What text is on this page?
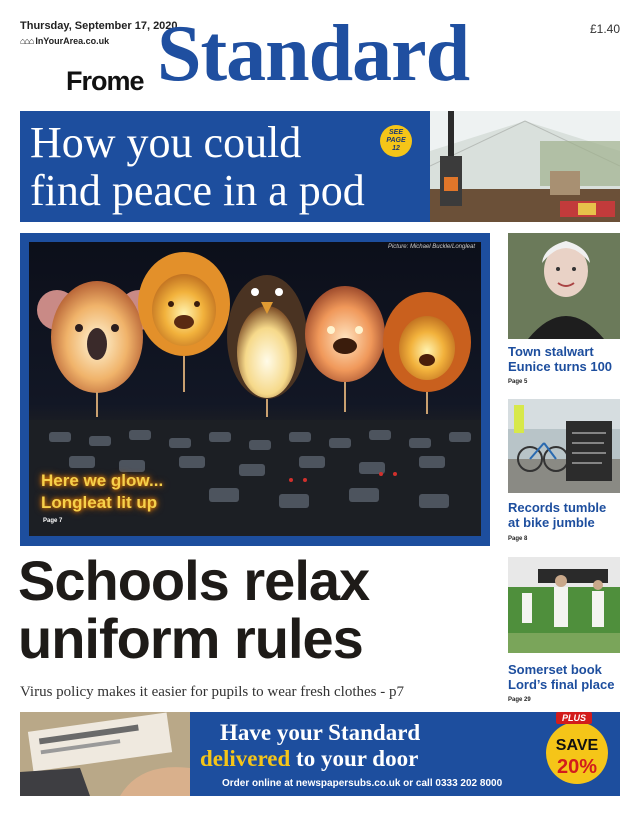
Thursday, September 17, 2020
⌂⌂⌂ InYourArea.co.uk
£1.40
Frome Standard
How you could
find peace in a pod
SEE
PAGE
12
Picture: Michael Buckle/Longleat
Here we glow...
Longleat lit up
Page 7
Schools relax
uniform rules
Virus policy makes it easier for pupils to wear fresh clothes - p7
Town stalwart
Eunice turns 100
Page 5
Records tumble
at bike jumble
Page 8
Somerset book
Lord’s final place
Page 29
Have your Standard
delivered to your door
Order online at newspapersubs.co.uk or call 0333 202 8000
SAVE
20%
PLUS
